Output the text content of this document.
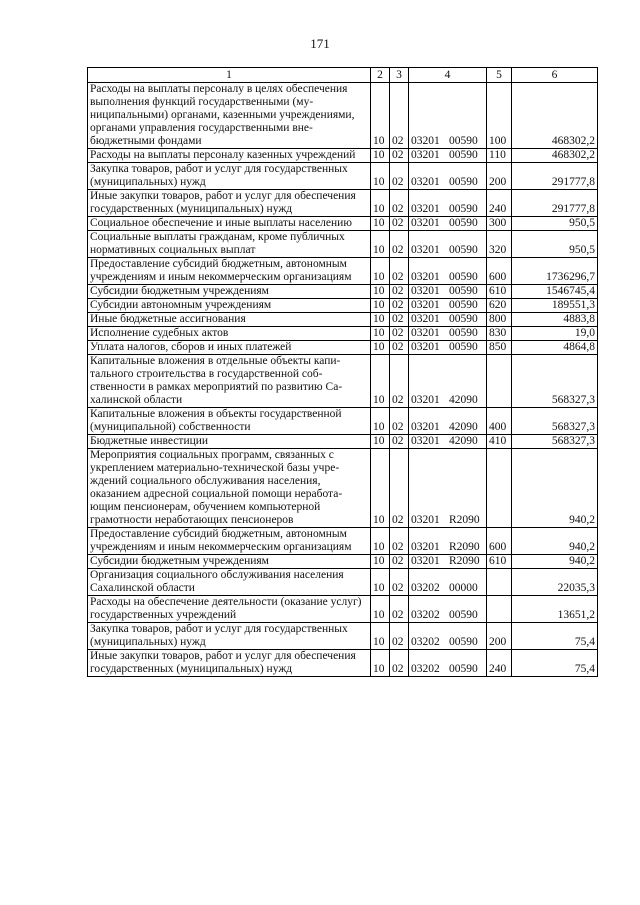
171
1	2	3	4	5	6
Расходы на выплаты персоналу в целях обеспечения выполнения функций государственными (муниципальными) органами, казенными учреждениями, органами управления государственными внебюджетными фондами	10	02	03201 00590	100	468302,2
Расходы на выплаты персоналу казенных учреждений	10	02	03201 00590	110	468302,2
Закупка товаров, работ и услуг для государственных (муниципальных) нужд	10	02	03201 00590	200	291777,8
Иные закупки товаров, работ и услуг для обеспечения государственных (муниципальных) нужд	10	02	03201 00590	240	291777,8
Социальное обеспечение и иные выплаты населению	10	02	03201 00590	300	950,5
Социальные выплаты гражданам, кроме публичных нормативных социальных выплат	10	02	03201 00590	320	950,5
Предоставление субсидий бюджетным, автономным учреждениям и иным некоммерческим организациям	10	02	03201 00590	600	1736296,7
Субсидии бюджетным учреждениям	10	02	03201 00590	610	1546745,4
Субсидии автономным учреждениям	10	02	03201 00590	620	189551,3
Иные бюджетные ассигнования	10	02	03201 00590	800	4883,8
Исполнение судебных актов	10	02	03201 00590	830	19,0
Уплата налогов, сборов и иных платежей	10	02	03201 00590	850	4864,8
Капитальные вложения в отдельные объекты капитального строительства в государственной собственности в рамках мероприятий по развитию Сахалинской области	10	02	03201 42090		568327,3
Капитальные вложения в объекты государственной (муниципальной) собственности	10	02	03201 42090	400	568327,3
Бюджетные инвестиции	10	02	03201 42090	410	568327,3
Мероприятия социальных программ, связанных с укреплением материально-технической базы учреждений социального обслуживания населения, оказанием адресной социальной помощи неработающим пенсионерам, обучением компьютерной грамотности неработающих пенсионеров	10	02	03201 R2090		940,2
Предоставление субсидий бюджетным, автономным учреждениям и иным некоммерческим организациям	10	02	03201 R2090	600	940,2
Субсидии бюджетным учреждениям	10	02	03201 R2090	610	940,2
Организация социального обслуживания населения Сахалинской области	10	02	03202 00000		22035,3
Расходы на обеспечение деятельности (оказание услуг) государственных учреждений	10	02	03202 00590		13651,2
Закупка товаров, работ и услуг для государственных (муниципальных) нужд	10	02	03202 00590	200	75,4
Иные закупки товаров, работ и услуг для обеспечения государственных (муниципальных) нужд	10	02	03202 00590	240	75,4
